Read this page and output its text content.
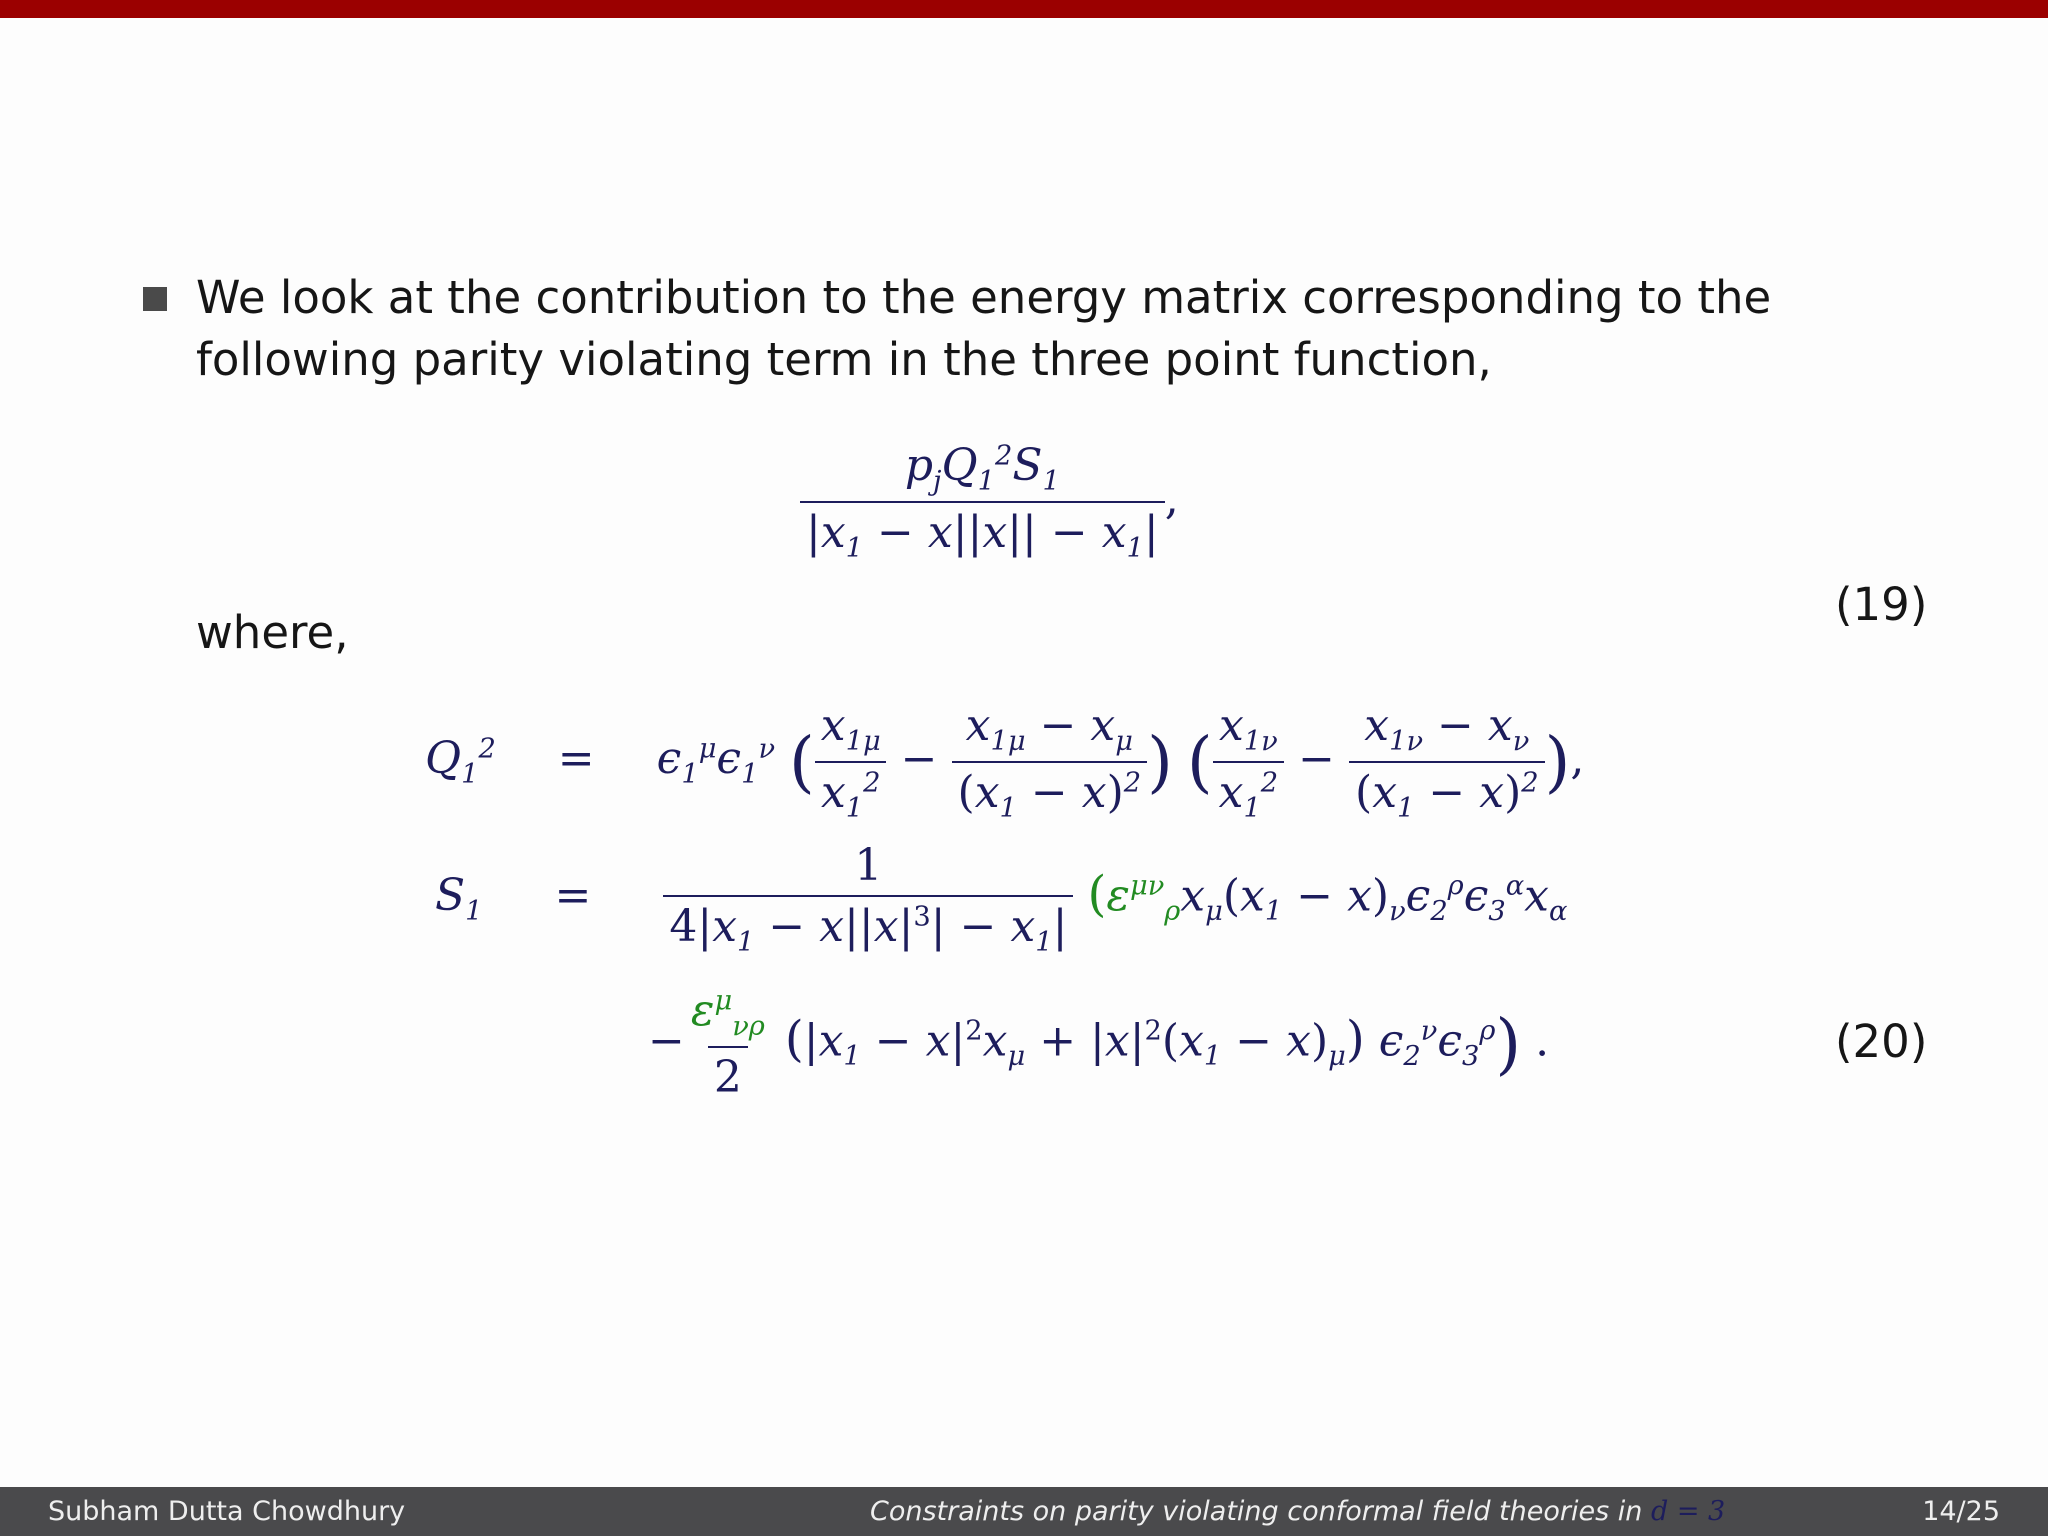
We look at the contribution to the energy matrix corresponding to the
following parity violating term in the three point function,
$\frac{p_jQ_1^2S_1}{|x_1 - x||x|| - x_1|}$ ,
where,
(19)
$Q_1^2 = \epsilon_1^\mu\epsilon_1^\nu$ ( $\frac{x_{1\mu}}{x_1^2} - \frac{x_{1\mu} - x_\mu}{(x_1 - x)^2}$ ) ( $\frac{x_{1\nu}}{x_1^2} - \frac{x_{1\nu} - x_\nu}{(x_1 - x)^2}$ ),
$S_1 = \frac{1}{4|x_1 - x||x|^3| - x_1|} (\varepsilon^{\mu\nu}_\rho x_\mu(x_1 - x)_\nu\epsilon_2^\rho\epsilon_3^\alpha x_\alpha$
− $\frac{\varepsilon^\mu_{\nu\rho}}{2} (|x_1 - x|^2x_\mu + |x|^2(x_1 - x)_\mu)$ $\epsilon_2^\nu\epsilon_3^\rho$) .	(20)
Subham Dutta Chowdhury	Constraints on parity violating conformal field theories in d = 3	14/25
